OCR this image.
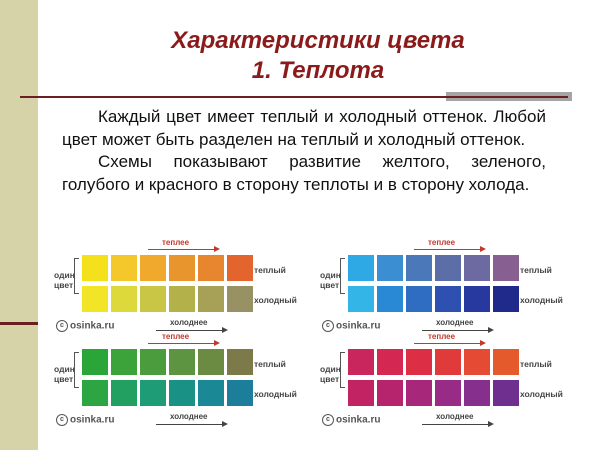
Характеристики цвета
1. Теплота

Каждый цвет имеет теплый и холодный оттенок. Любой цвет может быть разделен на теплый и холодный оттенок.

Схемы показывают развитие желтого, зеленого, голубого и красного в сторону теплоты и в сторону холода.

теплее
один цвет
теплый
холодный
холоднее
c osinka.ru
теплее
один цвет
теплый
холодный
холоднее
c osinka.ru
теплее
один цвет
теплый
холодный
холоднее
c osinka.ru
теплее
один цвет
теплый
холодный
холоднее
c osinka.ru
